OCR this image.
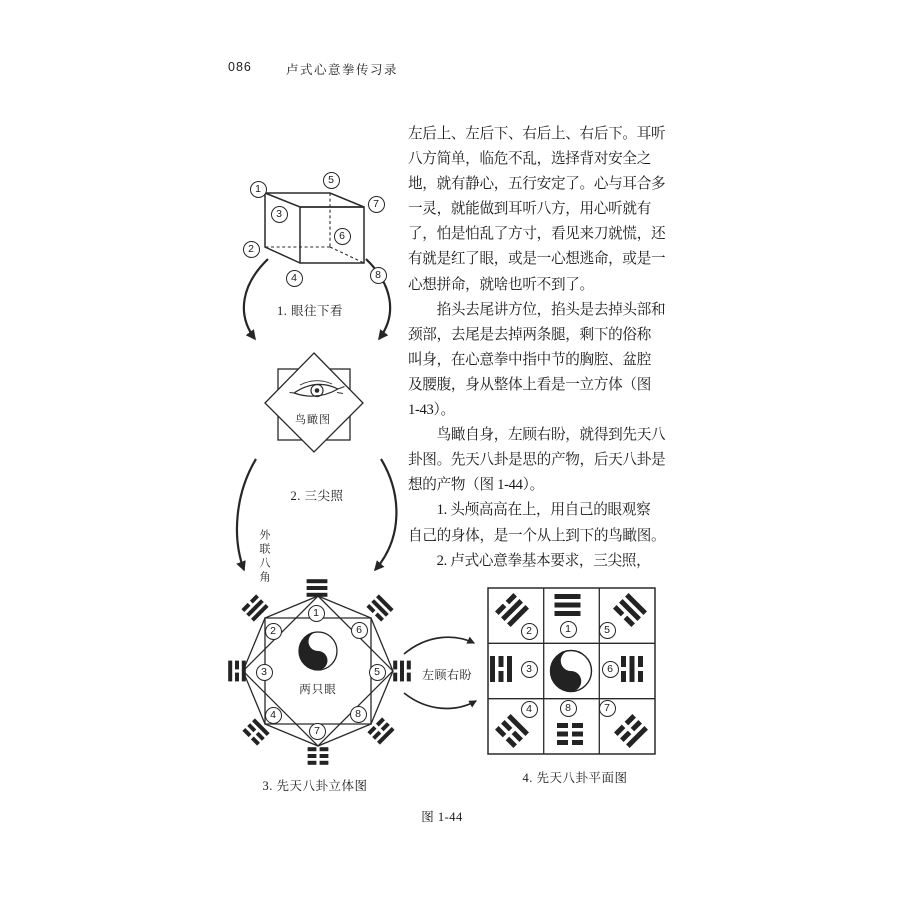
086	卢式心意拳传习录
1. 眼往下看
鸟瞰图
2. 三尖照
外联八角
两只眼
左顾右盼
3. 先天八卦立体图
4. 先天八卦平面图
图 1-44
1
2
3
4
5
6
7
8
1
2
3
4
5
6
7
8
2	1	5
3	6
4	8	7
左后上、左后下、右后上、右后下。耳听
八方简单，临危不乱，选择背对安全之
地，就有静心，五行安定了。心与耳合多
一灵，就能做到耳听八方，用心听就有
了，怕是怕乱了方寸，看见来刀就慌，还
有就是红了眼，或是一心想逃命，或是一
心想拼命，就啥也听不到了。
　　掐头去尾讲方位，掐头是去掉头部和
颈部，去尾是去掉两条腿，剩下的俗称
叫身，在心意拳中指中节的胸腔、盆腔
及腰腹，身从整体上看是一立方体（图
1-43）。
　　鸟瞰自身，左顾右盼，就得到先天八
卦图。先天八卦是思的产物，后天八卦是
想的产物（图 1-44）。
　　1. 头颅高高在上，用自己的眼观察
自己的身体，是一个从上到下的鸟瞰图。
　　2. 卢式心意拳基本要求，三尖照，
